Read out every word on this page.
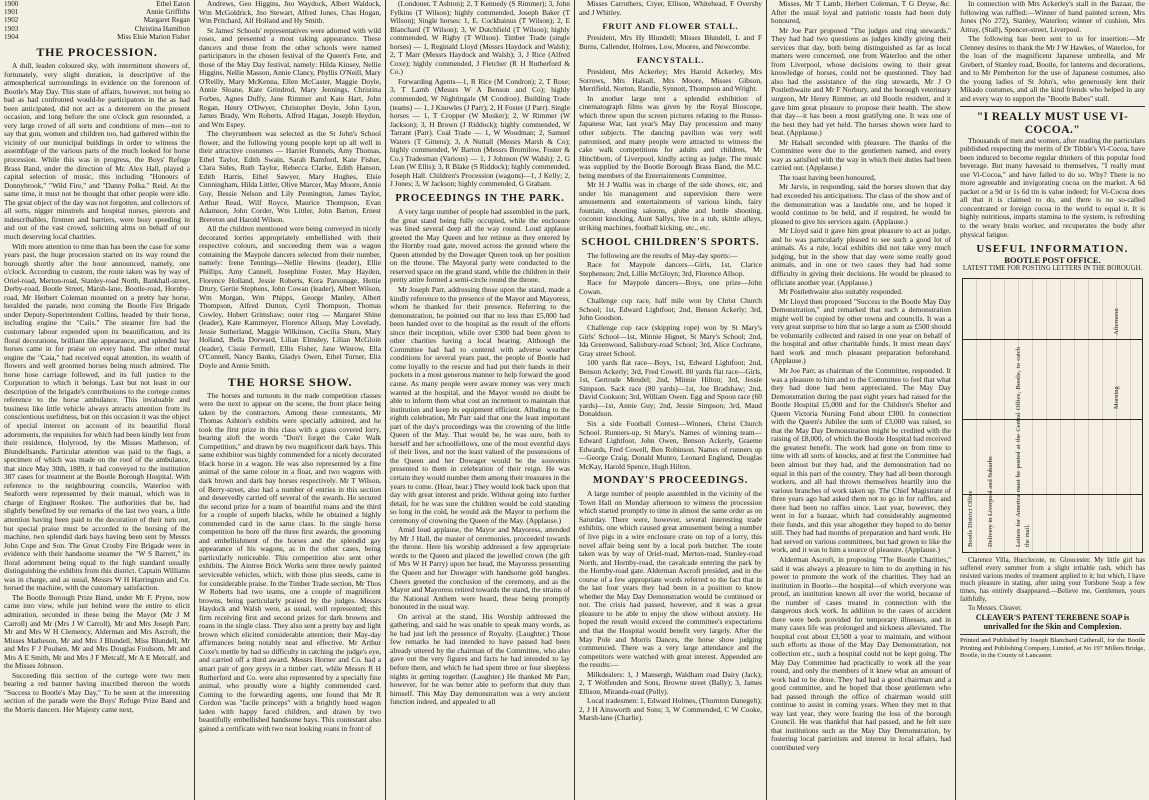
1900	Ethel Eaton
1901	Annie Griffiths
1902	Margaret Regan
1903	Christina Hamilton
1904	Miss Elsie Marion Fisher
THE PROCESSION.

A dull, leaden coloured sky, with intermittent showers of, fortunately, very slight duration, is descriptive of the atmospherical surroundings in evidence on the forenoon of Bootle's May Day. This state of affairs, however, not being so bad as had confronted would-be participators in the as had been anticipated, did not act as a deterrent on the present occasion, and long before the one o'clock gun resounded, a very large crowd of all sorts and conditions of men—not to say that gun, women and children too, had gathered within the vicinity of our municipal buildings in order to witness the assemblage of the various parts of the much looked for horse procession. While this was in progress, the Boys' Refuge Brass Band, under the direction of Mr. Alex Hall, played a capital selection of music, this including "Honours of Donnybrook," "Wild Fire," and "Danny Polka." Reid. At the same time, it must not be thought that other people were idle. The great object of the day was not forgotten, and collectors of all sorts, nigger minstrels and hospital nurses, pierrots and indescribables, firemen and barriers, were busy speeding in and out of the vast crowd, soliciting alms on behalf of our much deserving local charities.

With more attention to time than has been the case for some years past, the huge procession started on its way round the borough shortly after the hour announced, namely, one o'clock. According to custom, the route taken was by way of Oriel-road, Merton-road, Stanley-road North, Bankhall-street, Derby-road, Bootle Street, Marsh-lane, Bootle-road, Hornby-road, Mr Herbert Coleman mounted on a pretty bay horse, heralded the parade, next coming the Bootle Fire Brigade under Deputy-Superintendent Collins, headed by their horse, including engine the "Caiis." The steamer fire had the customary labour expended upon its beautification, and its floral decorations, brilliant like appearance, and splendid bay horses came in for praise on every hand. The other metal engine the "Caia," had received equal attention, its wealth of flowers and well groomed horses being much admired. The horse hose carriage followed, and its full justice to the Corporation to which it belongs. Last but not least in our description of the brigade's contributions to the cortege comes reference to the horse ambulance. This invaluable and business like little vehicle always attracts attention from its conscientious usefulness, but on this occasion it was the object of special interest on account of its beautiful floral adornments, the requisites for which had been kindly lent from their residence, Holyrood, by the Misses Matheson, of Blundellsands. Particular attention was paid to the flags, a specimen of which was made on the roof of the ambulance, that since May 30th, 1889, it had conveyed to the institution 307 cases for treatment at the Bootle Borough Hospital. With reference to the neighbouring councils, Waterloo with Seaforth were represented by their manual, which was in charge of Engineer Roskee. The authorities that be, had slightly benefited by our remarks of the last two years, a little attention having been paid to the decoration of their turn out, but special praise must be accorded to the horsing of the machine, two splendid dark bays having been sent by Messrs John Cope and Son. The Great Crosby Fire Brigade were in evidence with their handsome steamer the "W S Barrett," its floral adornment being equal to the high standard usually distinguishing the exhibits from this district. Captain Williams was in charge, and as usual, Messrs W H Harrington and Co. horsed the machine, with the customary satisfaction.

The Bootle Borough Prize Band, under Mr F. Pryne, now came into view, while just behind were the entire to elicit admiration, seconded in these being the Mayor (Mr J M Carroll) and Mr (Mrs J W Carroll), Mr and Mrs Joseph Parr, Mr and Mrs W H Clemency, Alderman and Mrs Ascroft, the Misses Matheson, Mr and Mrs J Blundell, Miss Blundell, Mr and Mrs F J Poulsen, Mr and Mrs Douglas Foulsom, Mr and Mrs A E Smith, Mr and Mrs J F Metcalf, Mr A E Metcalf, and the Misses Johnson.

Succeeding this section of the cortege were two men bearing a red banner having inscribed thereon the words "Success to Bootle's May Day," To be seen at the interesting section of the parade were the Boys' Refuge Prize Band and the Morris dancers. Her Majesty came next,

Andrews, Geo Higgins, Jno Waydock, Albert Waldock, Wm McGoldrick, Jno Stewart, Alfred Jones, Chas Hogan, Wm Pritchard, Alf Holland and Hy Smith.

St James' Schools' representatives were adorned with wild roses, and presented a most taking appearance. These dancers and those from the other schools were named participators in the chosen festival of the Queen's Fete, and those of the May Day festival, namely: Hilda Kinsey, Nellie Higgins, Nellie Masson, Annie Clancy, Phyllis O'Neill, Mary O'Reilly, Mary McKenna, Ellen McCaster, Maggie Doyle, Annie Sloane, Kate Grindrod, Mary Jennings, Christina Forbes, Agnes Duffy, Jane Rimmer and Kate Hart, John Regan, Henry O'Dwyer, Christopher Doyle, John Lyon, James Brady, Wm Roberts, Alfred Hagan, Joseph Heydon, and Wm Espey.

The cheyrumbeen was selected as the St John's School flower, and the following young people kept up all well in their attractive costumes — Harriet Runnels, Amy Thomas, Ethel Taylor, Edith Swain, Sarah Bamford, Kate Fisher, Clara Sides, Ruth Taylor, Rebecca Clarke, Edith Hanson, Edith Harris, Ethel Sawyer, Mary Hughes, Elsie Cunningham, Hilda Littler, Olive Marcer, May Moore, Annie Guy, Bessie Nelson and Lily Pennington, James Taylor, Arthur Read, Wilf Royce, Maurice Thompson, Evan Adamson, John Corder, Wm Littler, John Barton, Ernest Brereton and Harold Wilson.

All the children mentioned were being conveyed in nicely decorated lorries appropriately embellished with their respective colours, and succeeding them was a wagon containing the Maypole dancers selected from their number, namely: Irene Tennings—Nellie Hewins (leader), Ellie Phillips, Amy Cannell, Josephine Foster, May Hayden, Florence Holland, Jessie Roberts, Kora Parsonage, Hettie Drury, Gertie Stephens, John Cowan (leader), Albert Wilson, Wm Morgan, Wm Phipps, George Manley, Albert Thompson, Alfred Dutton, Cyril Thompson, Thomas Cowley, Hubert Grimshaw; outer ring — Margaret Shine (leader), Kate Kammeyer, Florence Allsop, May Lovelady, Jessie Sutherland, Maggie Wilkinson, Cecilia Shuts, Mary Holland, Bella Dorward, Lilian Elmsley, Lilian McGloin (leader), Cissie Fermell, Ellis Fisher, Jane Winrow, Ella O'Connell, Nancy Banks, Gladys Owen, Ethel Turner, Eliz Doyle and Annie Smith.

THE HORSE SHOW.

The horses and turnouts in the trade competition classes were the next to appear on the scene, the front place being taken by the contractors. Among these contestants, Mr Thomas Ashton's exhibits were specially admired, and he took the first prize in this class with a grass covered lorry, bearing aloft the words "Don't forget the Cake Walk Competition," and drawn by two magnificent dark bays. This same exhibitor was highly commended for a nicely decorated black horse in a wagon. He was also represented by a fine animal of the same colour in a float, and two wagons with dark brown and dark bay horses respectively. Mr T Wilson, of Berry-street, also had a number of entries in this section and deservedly carried off several of the awards. He secured the second prize for a team of beautiful roans and the third for a couple of superb blacks, while he obtained a highly commended card in the same class. In the single horse competition he bore off the three first awards, the grooming and embellishment of the horses and the splendid gay appearance of his wagons, as in the other cases, being particularly noticeable. This competition also sent other exhibits. The Aintree Brick Works sent three newly painted serviceable vehicles, which, with those plus steeds, came in for considerable praise. In the Timber Trade section, Mr Thos W Roberts had two teams, one a couple of magnificent browns, being particularly praised by the judges. Messrs Haydock and Walsh were, as usual, well represented; this firm receiving first and second prizes for dark browns and roans in the single class. They also sent a pretty bay and light brown which elicited considerable attention; their May-day affirmances being notably neat and effective. Mr Arthur Coxe's mettle by had so difficulty in catching the judge's eye, and carried off a third award. Messrs Horner and Co. had a smart pair of grey greys in a timber cart, while Messrs R H Rutherford and Co. were also represented by a specially fine animal, who proudly wore a highly commended card. Coming to the forwarding agents, one found that Mr R Cordon was "facile princeps" with a brightly hued wagon laden with happy faced children, and drawn by two beautifully embellished handsome bays. This contestant also gained a certificate with two neat looking roans in front of

(Londoner, T Ashton); 2, T Kennedy (S Rimmer); 3, John Fylkins (T Wilson); highly commended, Joseph Baker (T Wilson); Single horses: 1, E. Cockbainus (T Wilson); 2, E Blanchard (T Wilson); 3, W Dutchfield (T Wilson); highly commended, W Rigby (T Wilson). Timber Trade (single horses) — 1, Reginald Lloyd (Messrs Haydock and Walsh); 2, T Marr (Messrs Haydock and Walsh); 3, J Rice (Alfred Coxe); highly commended, J Fletcher (R H Rutherford & Co.)

Forwarding Agents—1, R Rice (M Condron); 2, T Rose; 3, T Lamb (Messrs W A Benson and Co); highly commended, W Nightingale (M Condron). Building Trade (teams) — 1, J Knowles (J Parr); 2, H Foster (J Parr). Single horses — 1, T Cropper (W Mosker); 2, W Rimmer (W Jackson); 3, H Brown (J Riddock); highly commended, W Tarrant (Parr). Coal Trade — 1, W Woodman; 2, Samuel Waters (T Gittens); 3, A Nuttall (Messrs Marsh & Co); highly commended, W Barton (Messrs Bromilow, Foster & Co.) Tradesman (Various) — 1, J Johnson (W Walsh); 2, G Lean (W Ellis); 3, R Blake (S Riddock); highly commended, Joseph Hall. Children's Procession (wagons)—1, J Kelly; 2, J Jones; 3, W Jackson; highly commended, G Graham.

PROCEEDINGS IN THE PARK.

A very large number of people had assembled in the park, the great stand being fully occupied, while the enclosure was lined several deep all the way round. Loud applause greeted the May Queen and her retinue as they entered by the Hornby road gate, moved across the ground where the Queen attended by the Dowager Queen took up her position on the throne. The Mayoral party were conducted to the reserved space on the grand stand, while the children in their pretty attire formed a semi-circle round the throne.

Mr Joseph Parr, addressing those upon the stand, made a kindly reference to the presence of the Mayor and Mayoress, whom he thanked for their presence. Referring to the demonstration, he pointed out that no less than £5,000 had been handed over to the hospital as the result of the efforts since their inception, while over £300 had been given to other charities having a local bearing. Although the Committee had had to contend with adverse weather conditions for several years past, the people of Bootle had come loyally to the rescue and had put their hands in their pockets in a most generous manner to help forward the good cause. As many people were aware money was very much wanted at the hospital, and the Mayor would no doubt be able to inform them what cost an increment to maintain that institution and keep its equipment efficient. Alluding to the eighth celebration, Mr Parr said that one the least important part of the day's proceedings was the crowning of the little Queen of the May. That would be, he was sure, both to herself and her schoolfellows, one of the most eventful days of their lives, and not the least valued of the possessions of the Queen and her Dowager would be the souvenirs presented to them in celebration of their reign. He was certain they would number them among their treasures in the years to come. (Hear, hear.) They would look back upon that day with great interest and pride. Without going into further detail, for he was sure the children would be cold standing so long in the cold, he would ask the Mayor to perform the ceremony of crowning the Queen of the May. (Applause.)

Amid loud applause, the Mayor and Mayoress, attended by Mr J Hall, the master of ceremonies, proceeded towards the throne. Here his worship addressed a few appropriate words to the Queen and placed the jewelled crown (the gift of Mrs W H Parry) upon her head, the Mayoress presenting the Queen and her Dowager with handsome gold bangles. Cheers greeted the conclusion of the ceremony, and as the Mayor and Mayoress retired towards the stand, the strains of the National Anthem were heard, these being promptly honoured in the usual way.

On arrival at the stand, His Worship addressed the gathering, and said he was unable to speak many words, as he had just left the presence of Royalty. (Laughter.) Those few remarks he had intended to have passed had been already uttered by the chairman of the Committee, who also gave out the very figures and facts he had intended to lay before them, and which he had spent three or four sleepless nights in getting together. (Laughter.) He thanked Mr Parr, however, for he was better able to perform that duty than himself. This May Day demonstration was a very ancient function indeed, and appealed to all

Misses Carruthers, Cryer, Ellison, Whitehead, F Oversby and J Whitley.

FRUIT AND FLOWER STALL.

President, Mrs Hy Blundell; Misses Blundell, L and F Burns, Callender, Holmes, Low, Moores, and Newcombe.

FANCYSTALL.

President, Mrs Ackerley; Mrs Harold Ackerley, Mrs Sorrows, Mrs Halsall, Mrs Moore, Misses Gibson, Merrifield, Norton, Randle, Synnott, Thompson and Wright.

In another large tent a splendid exhibition of cinematograph films was given by the Royal Bioscope, which threw upon the screen pictures relating to the Russo-Japanese War, last year's May Day procession and many other subjects. The dancing pavilion was very well patronised, and many people were attracted to witness the cake walk competitions for adults and children, Mr Hinchborn, of Liverpool, kindly acting as judge. The music was supplied by the Bootle Borough Brass Band, the M.C. being members of the Entertainments Committee.

Mr H J Wallis was in charge of the side shows, etc, and under his management and supervision there were amusements and entertainments of various kinds, fairy fountain, shooting saloons, globe and bottle shooting, coconut knocking, Aunt Sallys, live in a tub, skittle alleys, striking machines, football kicking, etc., etc.

SCHOOL CHILDREN'S SPORTS.

The following are the results of May-day sports:—

Race for Maypole dancers—Girls, 1st, Clarice Stephenson; 2nd, Lillie McGloyn; 3rd, Florence Allsop.

Race for Maypole dancers—Boys, one prize—John Cowan.

Challenge cup race, half mile won by Christ Church School; 1st, Edward Lightfoot; 2nd, Benson Ackerly; 3rd, John Goodson.

Challenge cup race (skipping rope) won by St Mary's Girls' School—1st, Minnie Hignet, St Mary's School; 2nd, Ida Greenwood, Salisbury-road School; 3rd, Alice Cochrane, Gray street School.

100 yards flat race—Boys, 1st, Edward Lightfoot; 2nd, Benson Ackerly; 3rd, Fred Cowell. 80 yards flat race—Girls, 1st, Gertrude Mendel; 2nd, Minnie Hilton; 3rd, Jessie Simpson. Sack race (80 yards)—1st, Joe Bradshaw; 2nd, David Cookson; 3rd, William Owen. Egg and Spoon race (60 yards)—1st, Annie Guy; 2nd, Jessie Simpson; 3rd, Maud Donaldson.

Six a side Football Contest—Winners, Christ Church School. Runners-up, St Mary's. Names of winning team—Edward Lightfoot, John Owen, Benson Ackerly, Graeme Edwards, Fred Cowell, Ben Robinson. Names of runners up—George Craig, Donald Munro, Leonard England, Douglas McKay, Harold Spence, Hugh Hilton.

MONDAY'S PROCEEDINGS.

A large number of people assembled in the vicinity of the Town Hall on Monday afternoon to witness the procession which started promptly to time in almost the same order as on Saturday. There were, however, several interesting trade exhibits, one which caused great amusement being a number of live pigs in a wire enclosure crate on top of a lorry, this novel affair being sent by a local pork butcher. The route taken was by way of Oriel-road, Merton-road, Stanley-road North, and Hornby-road, the cavalcade entering the park by the Hornby-road gate. Alderman Ascroft presided, and in the course of a few appropriate words referred to the fact that in the last four years they had been in a position to know whether the May Day Demonstration would be continued or not. The crisis had passed, however, and it was a great pleasure to be able to enjoy the show without anxiety. He hoped the result would exceed the committee's expectations and that the Hospital would benefit very largely. After the May Pole and Morris Dances, the horse show judging commenced. There was a very large attendance and the competitors were watched with great interest. Appended are the results:—

Milkdealers: 1, J Mansergh, Waldham road Dairy (Jack); 2, T Wolfenden and Sons, Browne street (Bally); 3, James Ellison, Miranda-road (Polly).

Local tradesmen: 1, Edward Holmes, (Thornton Danegelt); 2, J H Ainsworth and Sons; 3, W Commended, C W Cooke, Marsh-lane (Charlie).

Misses, Mr T Lamb, Herbert Coleman, T G Deyse, &c. After the usual loyal and patriotic toasts had been duly honoured,

Mr Joe Parr proposed "The judges and ring stewards." They had had two questions as judges kindly giving their services that day, both being distinguished as far as local matters were concerned, one from Waterloo and the other from Liverpool, whose decisions owing to their great knowledge of horses, could not be questioned. They had also had the assistance of the ring stewards, Mr J O Postlethwaite and Mr F Norbury, and the borough veterinary surgeon, Mr Henry Rimmer, an old Bootle resident, and it gave him great pleasure to propose their health. The show that day—it has been a most gratifying one. It was one of the best they had yet held. The horses shown were hard to beat. (Applause.)

Mr Halsall seconded with pleasure. The thanks of the Committee were due to the gentlemen named, and every way as satisfied with the way in which their duties had been carried out. (Applause.)

The toast having been honoured,

Mr Jarvis, in responding, said the horses shown that day had exceeded his anticipations. The class of the show and of the demonstration was a laudable one, and he hoped it would continue to be held, and if required, he would be pleased to give his services again. (Applause.)

Mr Lloyd said it gave him great pleasure to act as judge, and he was particularly pleased to see such a good lot of animals. As a rule, local exhibits did not take very much judging, but in the show that day were some really good animals, and in one or two cases they had had some difficulty in giving their decisions. He would be pleased to officiate another year. (Applause.)

Mr Postlethwaite also suitably responded.

Mr Lloyd then proposed "Success to the Bootle May Day Demonstration," and remarked that such a demonstration might well be copied by other towns and councils. It was a very great surprise to him that so large a sum as £500 should be voluntarily collected and raised in one year on behalf of the hospital and other charitable funds. It must mean days' hard work and much pleasant preparation beforehand. (Applause.)

Mr Joe Parr, as chairman of the Committee, responded. It was a pleasure to him and to the Committee to feel that what they had done had been appreciated. The May Day Demonstration during the past eight years had raised for the Bootle Hospital £5,000 and for the Children's Shelter and Queen Victoria Nursing Fund about £300. In connection with the Queen's Jubilee the sum of £3,000 was raised, so that the May Day Demonstration might be credited with the raising of £8,000, of which the Bootle Hospital had received the greatest benefit. The work had gone on from time to time with all sorts of knocks, and at first the Committee had been almost but they had, and the demonstration had no equal in this part of the country. They had all been thorough workers, and all had thrown themselves heartily into the various branches of work taken up. The Chief Magistrate of three years ago had asked them not to go in for raffles, and there had been no raffles since. Last year, however, they went in for a bazaar, which had considerably augmented their funds, and this year altogether they hoped to do better still. They had had months of preparation and hard work. He had served on various committees, but had grown to like the work, and it was to him a source of pleasure. (Applause.)

Alderman Ascroft, in proposing "The Bootle Charities," said it was always a pleasure to him to do anything in his power to promote the work of the charities. They had an institution in Bootle—the hospital—of which everyone was proud, an institution known all over the world, because of the number of cases treated in connection with the dangerous dock work. In addition to the cases of accident there were beds provided for temporary illnesses, and in many cases life was prolonged and sickness alleviated. The hospital cost about £3,500 a year to maintain, and without such efforts as those of the May Day Demonstration, not collection etc., such a hospital could not be kept going. The May Day Committee had practically to work all the year round, and only the members of it knew what an amount of work had to be done. They had had a good chairman and a good committee, and he hoped that those gentlemen who had passed through the office of chairman would still continue to assist in coming years. When they met in that way last year, they were fearing the loss of the borough Council. He was thankful that had passed, and he felt sure that institutions such as the May Day Demonstration, by fostering local patriotism and interest in local affairs, had contributed very

In connection with Mrs Ackerley's stall in the Bazaar, the following was raffled:—Winner of hand painted screen, Mrs Jones (No 272), Stanley, Waterloo; winner of cushion, Mrs Attray, (Stall), Spencer-street, Liverpool.

The following has been sent to us for insertion:—Mr Clenney desires to thank the Mr J W Hawkes, of Waterloo, for the loan of the magnificent Japanese umbrella, and Mr Grebert, of Stanley road, Bootle, for lanterns and decorations, and to Mr Pemberton for the use of Japanese costumes, also the young ladies of St John's, who generously lent their Mikado costumes, and all the kind friends who helped in any and every way to support the "Bootle Babes" stall.

"I REALLY MUST USE VI-COCOA."

Thousands of men and women, after reading the particulars published respecting the merits of Dr Tibble's Vi-Cocoa, have been induced to become regular drinkers of this popular food beverage. But many havesaid to themselves, "I really must use Vi-Cocoa," and have failed to do so. Why? There is no more agreeable and invigorating cocoa on the market. A 6d packet or a 9d or 1s 6d tin is value indeed; for Vi-Cocoa does all that it is claimed to do, and there is no so-called concentrated or foreign cocoa in the world to equal it. It is highly nutritious, imparts stamina to the system, is refreshing to the weary brain worker, and recuperates the body after physical fatigue.

USEFUL INFORMATION.
BOOTLE POST OFFICE.
LATEST TIME FOR POSTING LETTERS IN THE BOROUGH.
Bootle District Office Delivery in Liverpool and Suburbs
Morning
Afternoon
Letters for America must be posted at the Central Office, Bootle, to catch the mail.

Clarence Villa, Hucclecote, nr. Gloucester. My little girl has suffered every summer from a slight irritable rash, which has resisted various modes of treatment applied to it; but which, I have much pleasure in stating, after using your Torsbone Soap a few times, has entirely disappeared.—Believe me, Gentlemen, yours faithfully,

To Messrs. Cleaver.

CLEAVER'S PATENT TEREBENE SOAP is unrivalled for the Skin and Complexion.
Printed and Published by Joseph Blanchard Catherall, for the Bootle Printing and Publishing Company, Limited, at No 197 Millers Bridge, Bootle, in the County of Lancaster.
